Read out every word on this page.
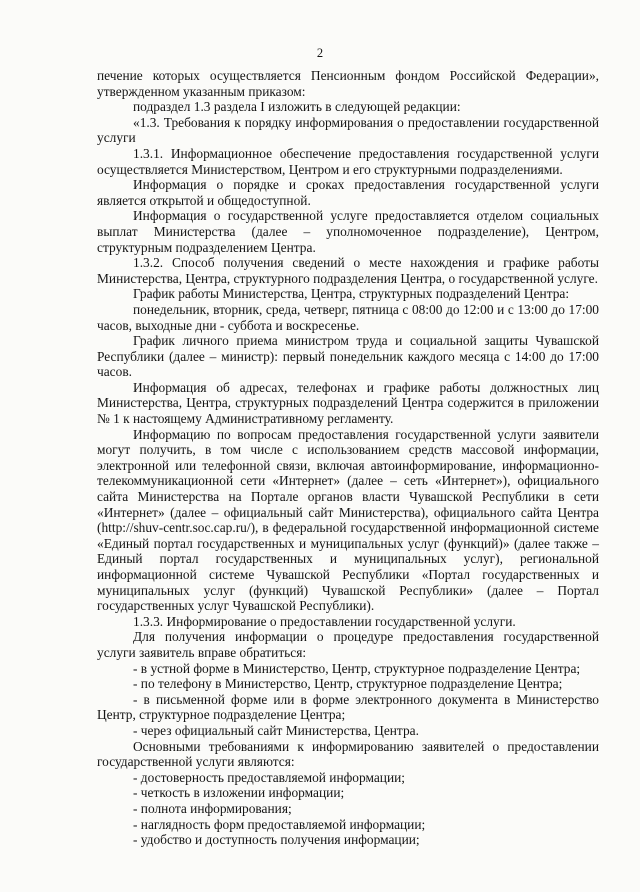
2

печение которых осуществляется Пенсионным фондом Российской Федерации», утвержденном указанным приказом:

подраздел 1.3 раздела I изложить в следующей редакции:

«1.3. Требования к порядку информирования о предоставлении государственной услуги

1.3.1. Информационное обеспечение предоставления государственной услуги осуществляется Министерством, Центром и его структурными подразделениями.

Информация о порядке и сроках предоставления государственной услуги является открытой и общедоступной.

Информация о государственной услуге предоставляется отделом социальных выплат Министерства (далее – уполномоченное подразделение), Центром, структурным подразделением Центра.

1.3.2. Способ получения сведений о месте нахождения и графике работы Министерства, Центра, структурного подразделения Центра, о государственной услуге.

График работы Министерства, Центра, структурных подразделений Центра:

понедельник, вторник, среда, четверг, пятница с 08:00 до 12:00 и с 13:00 до 17:00 часов, выходные дни - суббота и воскресенье.

График личного приема министром труда и социальной защиты Чувашской Республики (далее – министр): первый понедельник каждого месяца с 14:00 до 17:00 часов.

Информация об адресах, телефонах и графике работы должностных лиц Министерства, Центра, структурных подразделений Центра содержится в приложении № 1 к настоящему Административному регламенту.

Информацию по вопросам предоставления государственной услуги заявители могут получить, в том числе с использованием средств массовой информации, электронной или телефонной связи, включая автоинформирование, информационно-телекоммуникационной сети «Интернет» (далее – сеть «Интернет»), официального сайта Министерства на Портале органов власти Чувашской Республики в сети «Интернет» (далее – официальный сайт Министерства), официального сайта Центра (http://shuv-centr.soc.cap.ru/), в федеральной государственной информационной системе «Единый портал государственных и муниципальных услуг (функций)» (далее также – Единый портал государственных и муниципальных услуг), региональной информационной системе Чувашской Республики «Портал государственных и муниципальных услуг (функций) Чувашской Республики» (далее – Портал государственных услуг Чувашской Республики).

1.3.3. Информирование о предоставлении государственной услуги.

Для получения информации о процедуре предоставления государственной услуги заявитель вправе обратиться:

- в устной форме в Министерство, Центр, структурное подразделение Центра;

- по телефону в Министерство, Центр, структурное подразделение Центра;

- в письменной форме или в форме электронного документа в Министерство Центр, структурное подразделение Центра;

- через официальный сайт Министерства, Центра.

Основными требованиями к информированию заявителей о предоставлении государственной услуги являются:

- достоверность предоставляемой информации;

- четкость в изложении информации;

- полнота информирования;

- наглядность форм предоставляемой информации;

- удобство и доступность получения информации;
